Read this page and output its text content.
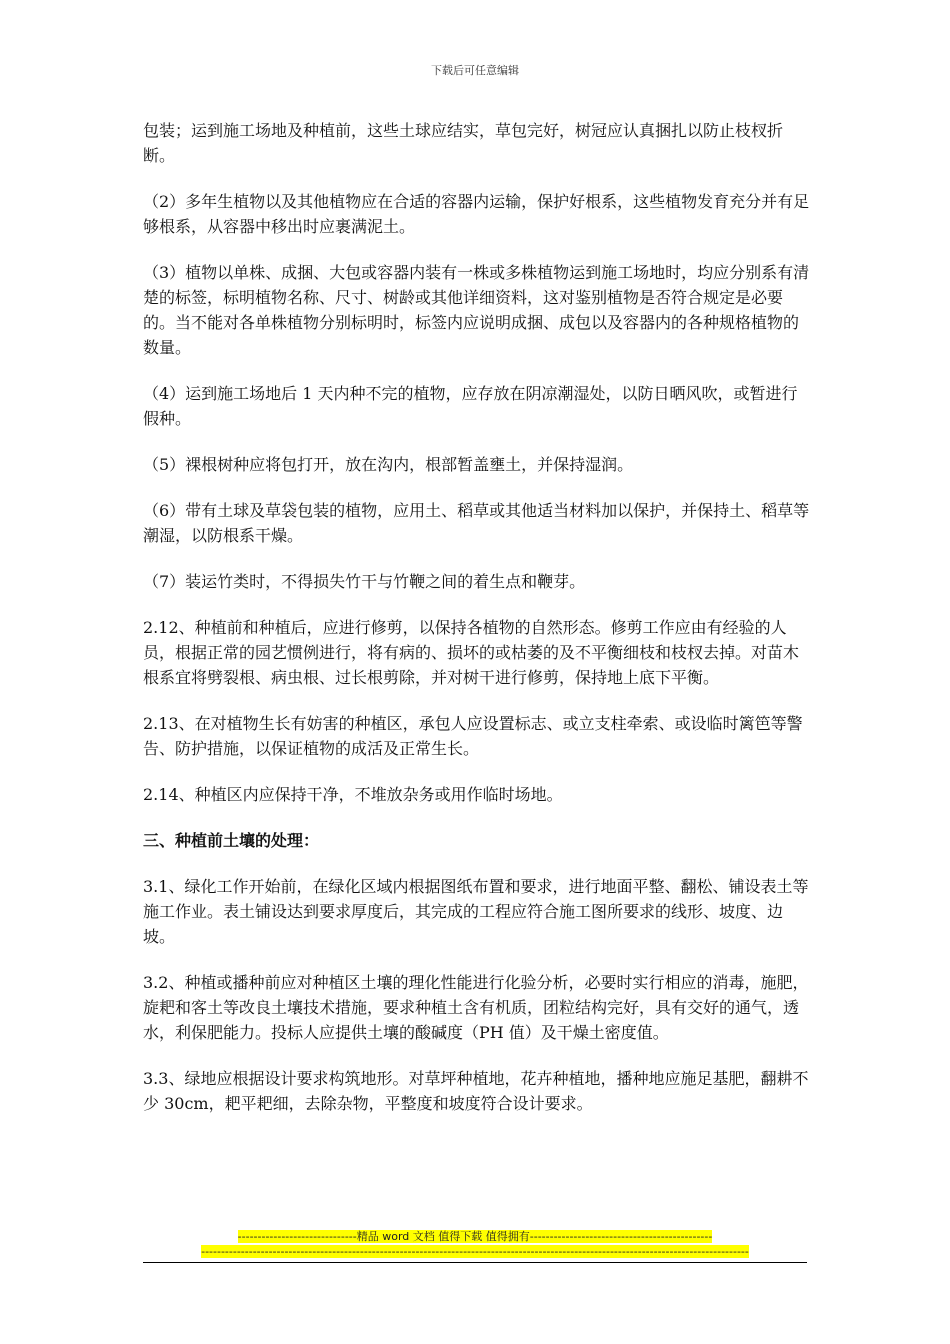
下载后可任意编辑

包装；运到施工场地及种植前，这些土球应结实，草包完好，树冠应认真捆扎以防止枝杈折断。

（2）多年生植物以及其他植物应在合适的容器内运输，保护好根系，这些植物发育充分并有足够根系，从容器中移出时应裹满泥土。

（3）植物以单株、成捆、大包或容器内装有一株或多株植物运到施工场地时，均应分别系有清楚的标签，标明植物名称、尺寸、树龄或其他详细资料，这对鉴别植物是否符合规定是必要的。当不能对各单株植物分别标明时，标签内应说明成捆、成包以及容器内的各种规格植物的数量。

（4）运到施工场地后 1 天内种不完的植物，应存放在阴凉潮湿处，以防日晒风吹，或暂进行假种。

（5）裸根树种应将包打开，放在沟内，根部暂盖壅土，并保持湿润。

（6）带有土球及草袋包装的植物，应用土、稻草或其他适当材料加以保护，并保持土、稻草等潮湿，以防根系干燥。

（7）装运竹类时，不得损失竹干与竹鞭之间的着生点和鞭芽。

2.12、种植前和种植后，应进行修剪，以保持各植物的自然形态。修剪工作应由有经验的人员，根据正常的园艺惯例进行，将有病的、损坏的或枯萎的及不平衡细枝和枝杈去掉。对苗木根系宜将劈裂根、病虫根、过长根剪除，并对树干进行修剪，保持地上底下平衡。

2.13、在对植物生长有妨害的种植区，承包人应设置标志、或立支柱牵索、或设临时篱笆等警告、防护措施，以保证植物的成活及正常生长。

2.14、种植区内应保持干净，不堆放杂务或用作临时场地。

三、种植前土壤的处理：

3.1、绿化工作开始前，在绿化区域内根据图纸布置和要求，进行地面平整、翻松、铺设表土等施工作业。表土铺设达到要求厚度后，其完成的工程应符合施工图所要求的线形、坡度、边坡。

3.2、种植或播种前应对种植区土壤的理化性能进行化验分析，必要时实行相应的消毒，施肥，旋耙和客土等改良土壤技术措施，要求种植土含有机质，团粒结构完好，具有交好的通气，透水，利保肥能力。投标人应提供土壤的酸碱度（PH 值）及干燥土密度值。

3.3、绿地应根据设计要求构筑地形。对草坪种植地，花卉种植地，播种地应施足基肥，翻耕不少 30cm，耙平耙细，去除杂物，平整度和坡度符合设计要求。

------------------------------精品 word 文档 值得下载 值得拥有----------------------------------------------
------------------------------------------------------------------------------------------------------------------------------------------
